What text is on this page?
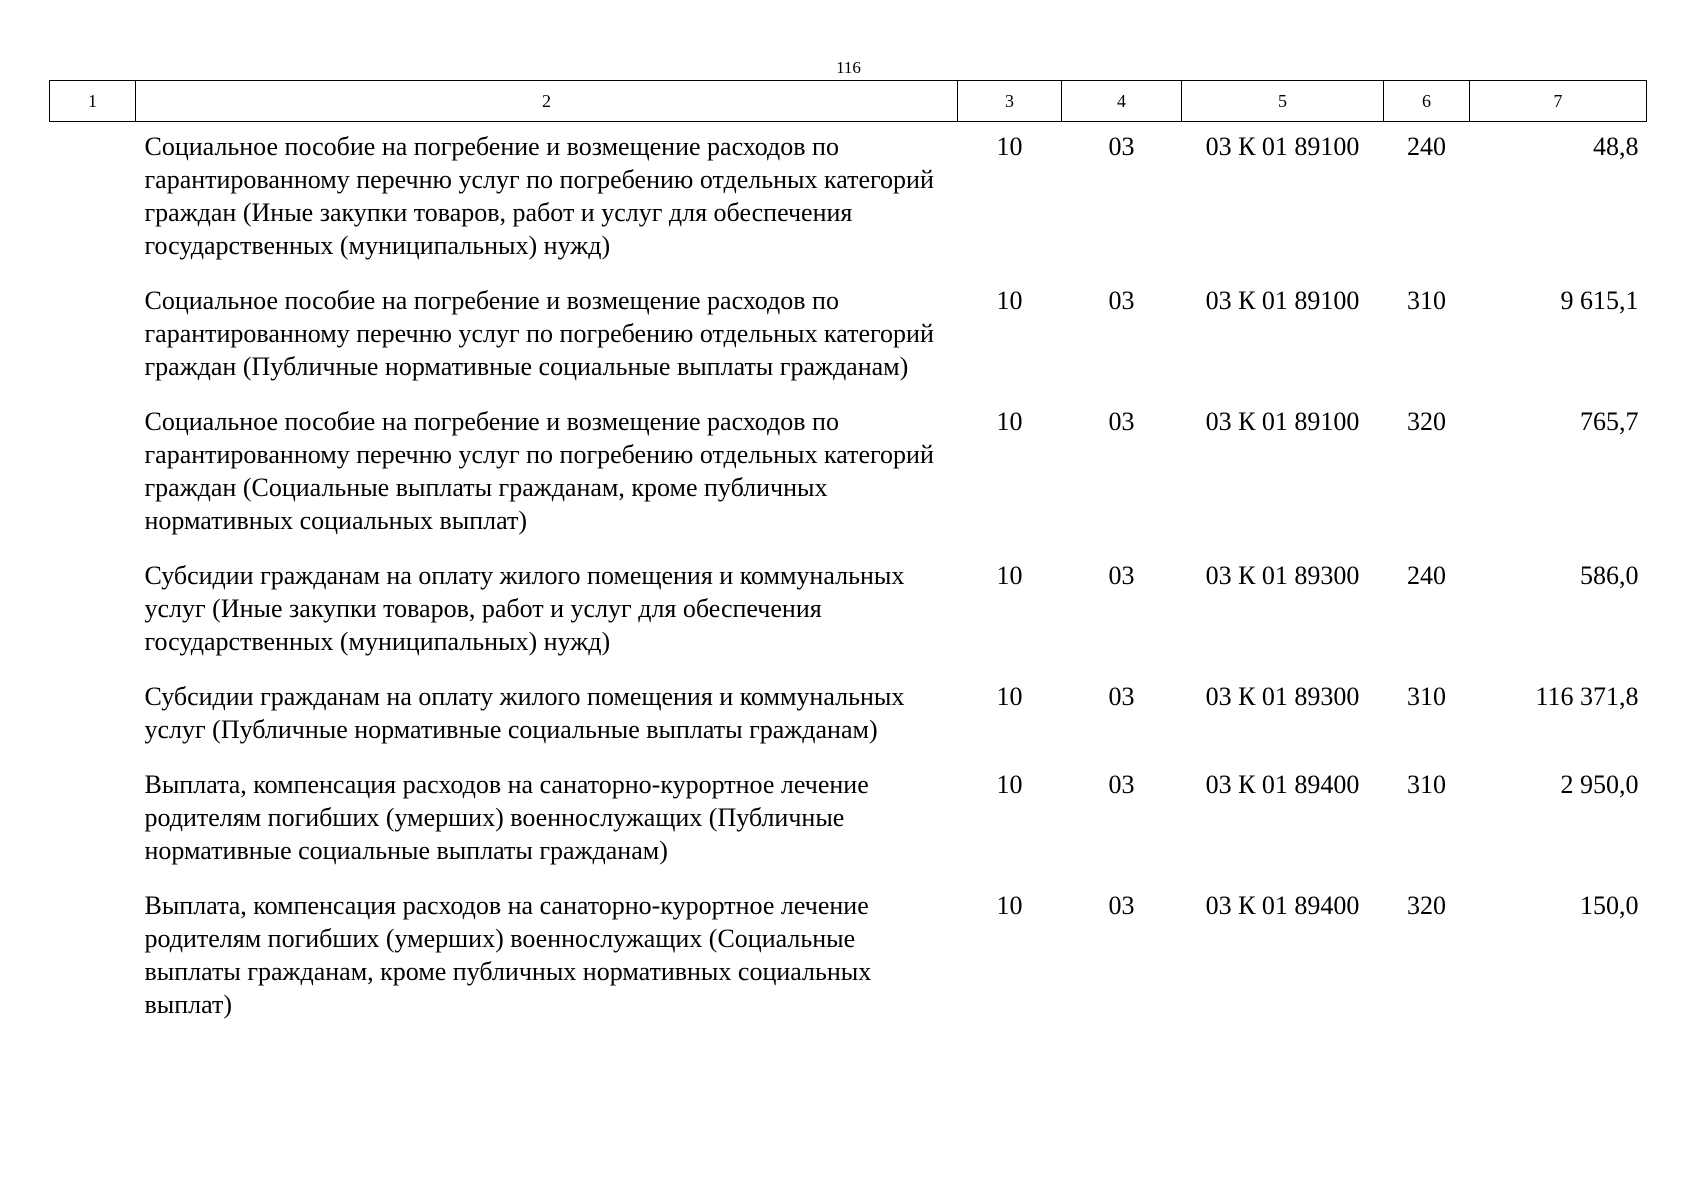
116
1	2	3	4	5	6	7
	Социальное пособие на погребение и возмещение расходов по гарантированному перечню услуг по погребению отдельных категорий граждан (Иные закупки товаров, работ и услуг для обеспечения государственных (муниципальных) нужд)	10	03	03 К 01 89100	240	48,8
	Социальное пособие на погребение и возмещение расходов по гарантированному перечню услуг по погребению отдельных категорий граждан (Публичные нормативные социальные выплаты гражданам)	10	03	03 К 01 89100	310	9 615,1
	Социальное пособие на погребение и возмещение расходов по гарантированному перечню услуг по погребению отдельных категорий граждан (Социальные выплаты гражданам, кроме публичных нормативных социальных выплат)	10	03	03 К 01 89100	320	765,7
	Субсидии гражданам на оплату жилого помещения и коммунальных услуг (Иные закупки товаров, работ и услуг для обеспечения государственных (муниципальных) нужд)	10	03	03 К 01 89300	240	586,0
	Субсидии гражданам на оплату жилого помещения и коммунальных услуг (Публичные нормативные социальные выплаты гражданам)	10	03	03 К 01 89300	310	116 371,8
	Выплата, компенсация расходов на санаторно-курортное лечение родителям погибших (умерших) военнослужащих (Публичные нормативные социальные выплаты гражданам)	10	03	03 К 01 89400	310	2 950,0
	Выплата, компенсация расходов на санаторно-курортное лечение родителям погибших (умерших) военнослужащих (Социальные выплаты гражданам, кроме публичных нормативных социальных выплат)	10	03	03 К 01 89400	320	150,0
